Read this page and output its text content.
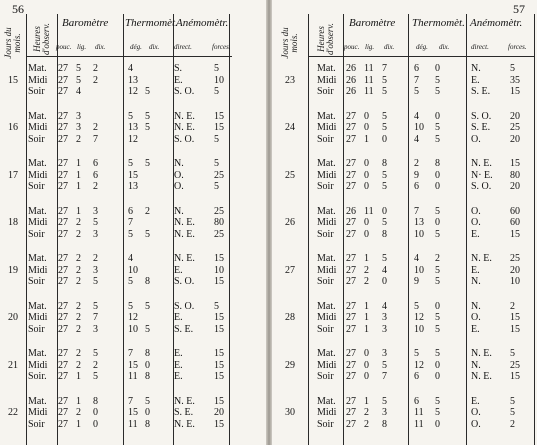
56
Jours du mois. Heures d'observ. Baromètre Thermomèt.
Anémomètr.
pouc. lig. dix.	dég. dix. direct.	forces.
15
Mat. 27 5 2	4	S.	5
Midi 27 5 2	13	E.	10
Soir 27 4	12 5 S. O. 5
16
Mat. 27 3	5 5 N. E. 15
Midi 27 3 2	13 5 N. E. 15
Soir 27 2 7	12	S. O. 5
17
Mat. 27 1 6	5 5 N.	5
Midi 27 1 6	15	O.	25
Soir 27 1 2	13	O.	5
18
Mat. 27 1 3	6 2 N.	25
Midi 27 2 5	7	N. E. 80
Soir 27 2 3	5 5 N. E. 25
19
Mat. 27 2 2	4	N. E. 15
Midi 27 2 3	10	E.	10
Soir 27 2 5	5 8 S. O. 15
20
Mat. 27 2 5	5 5 S. O. 5
Midi 27 2 7	12	E.	15
Soir 27 2 3	10 5 S. E. 15
21
Mat. 27 2 5	7 8 E.	15
Midi 27 2 2	15 0 E.	15
Soir. 27 1 5	11 8 E.	15
22
Mat. 27 1 8	7 5 N. E. 15
Midi 27 2 0	15 0 S. E. 20
Soir 27 1 0	11 8 N. E. 15
57
Jours du mois. Heures d'observ. Baromètre Thermomèt. Anémomètr.
pouc. lig. dix.	dég. dix.	direct.	forces.
23
Mat. 26 11 7	6 0	N.	5
Midi 26 11 5	7 5	E.	35
Soir 26 11 5	5 5	S. E. 15
24
Mat. 27 0 5	4 0	S. O. 20
Midi 27 0 5	10 5	S. E. 25
Soir 27 1 0	4 5	O.	20
25
Mat. 27 0 8	2 8	N. E. 15
Midi 27 0 5	9 0	N· E. 80
Soir 27 0 5	6 0	S. O. 20
26
Mat. 26 11 0	7 5	O.	60
Midi 27 0 5	13 0	O.	60
Soir 27 0 8	10 5	E.	15
27
Mat. 27 1 5	4 2	N. E. 25
Midi 27 2 4	10 5	E.	20
Soir 27 2 0	9 5	N.	10
28
Mat. 27 1 4	5 0	N.	2
Midi 27 1 3	12 5	O.	15
Soir 27 1 3	10 5	E.	15
29
Mat. 27 0 3	5 5	N. E. 5
Midi 27 0 5	12 0	N.	25
Soir 27 0 7	6 0	N. E. 15
30
Mat. 27 1 5	6 5	E.	5
Midi 27 2 3	11 5	O.	5
Soir 27 2 8	11 0	O.	2
